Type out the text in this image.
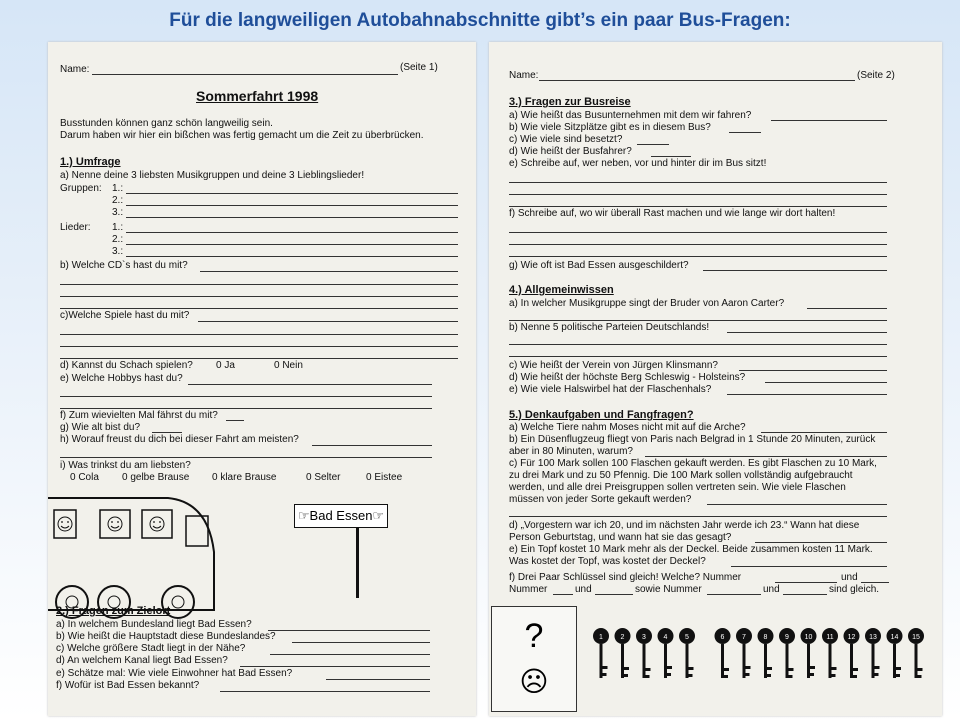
Für die langweiligen Autobahnabschnitte gibt’s ein paar Bus-Fragen:
Name:	(Seite 1)
Sommerfahrt 1998
Busstunden können ganz schön langweilig sein.
Darum haben wir hier ein bißchen was fertig gemacht um die Zeit zu überbrücken.
1.) Umfrage
a) Nenne deine 3 liebsten Musikgruppen und deine 3 Lieblingslieder!
Gruppen: 1.:
2.:
3.:
Lieder: 1.:
2.:
3.:
b) Welche CD`s hast du mit?
c)Welche Spiele hast du mit?
d) Kannst du Schach spielen? 0 Ja	0 Nein
e) Welche Hobbys hast du?
f) Zum wievielten Mal fährst du mit?
g) Wie alt bist du?
h) Worauf freust du dich bei dieser Fahrt am meisten?
i) Was trinkst du am liebsten?
0 Cola 0 gelbe Brause 0 klare Brause	0 Selter	0 Eistee
☞Bad Essen☞
2.) Fragen zum Zielort
a) In welchem Bundesland liegt Bad Essen?
b) Wie heißt die Hauptstadt diese Bundeslandes?
c) Welche größere Stadt liegt in der Nähe?
d) An welchem Kanal liegt Bad Essen?
e) Schätze mal: Wie viele Einwohner hat Bad Essen?
f) Wofür ist Bad Essen bekannt?
Name:	(Seite 2)
3.) Fragen zur Busreise
a) Wie heißt das Busunternehmen mit dem wir fahren?
b) Wie viele Sitzplätze gibt es in diesem Bus?
c) Wie viele sind besetzt?
d) Wie heißt der Busfahrer?
e) Schreibe auf, wer neben, vor und hinter dir im Bus sitzt!
f) Schreibe auf, wo wir überall Rast machen und wie lange wir dort halten!
g) Wie oft ist Bad Essen ausgeschildert?
4.) Allgemeinwissen
a) In welcher Musikgruppe singt der Bruder von Aaron Carter?
b) Nenne 5 politische Parteien Deutschlands!
c) Wie heißt der Verein von Jürgen Klinsmann?
d) Wie heißt der höchste Berg Schleswig - Holsteins?
e) Wie viele Halswirbel hat der Flaschenhals?
5.) Denkaufgaben und Fangfragen?
a) Welche Tiere nahm Moses nicht mit auf die Arche?
b) Ein Düsenflugzeug fliegt von Paris nach Belgrad in 1 Stunde 20 Minuten, zurück
aber in 80 Minuten, warum?
c) Für 100 Mark sollen 100 Flaschen gekauft werden. Es gibt Flaschen zu 10 Mark,
zu drei Mark und zu 50 Pfennig. Die 100 Mark sollen vollständig aufgebraucht
werden, und alle drei Preisgruppen sollen vertreten sein. Wie viele Flaschen
müssen von jeder Sorte gekauft werden?
d) „Vorgestern war ich 20, und im nächsten Jahr werde ich 23.“ Wann hat diese
Person Geburtstag, und wann hat sie das gesagt?
e) Ein Topf kostet 10 Mark mehr als der Deckel. Beide zusammen kosten 11 Mark.
Was kostet der Topf, was kostet der Deckel?
f) Drei Paar Schlüssel sind gleich! Welche? Nummer	und
Nummer	und	sowie Nummer	und	sind gleich.
?
☹
1	2	3	4	5	6	7	8	9 10 11 12 13 14 15
